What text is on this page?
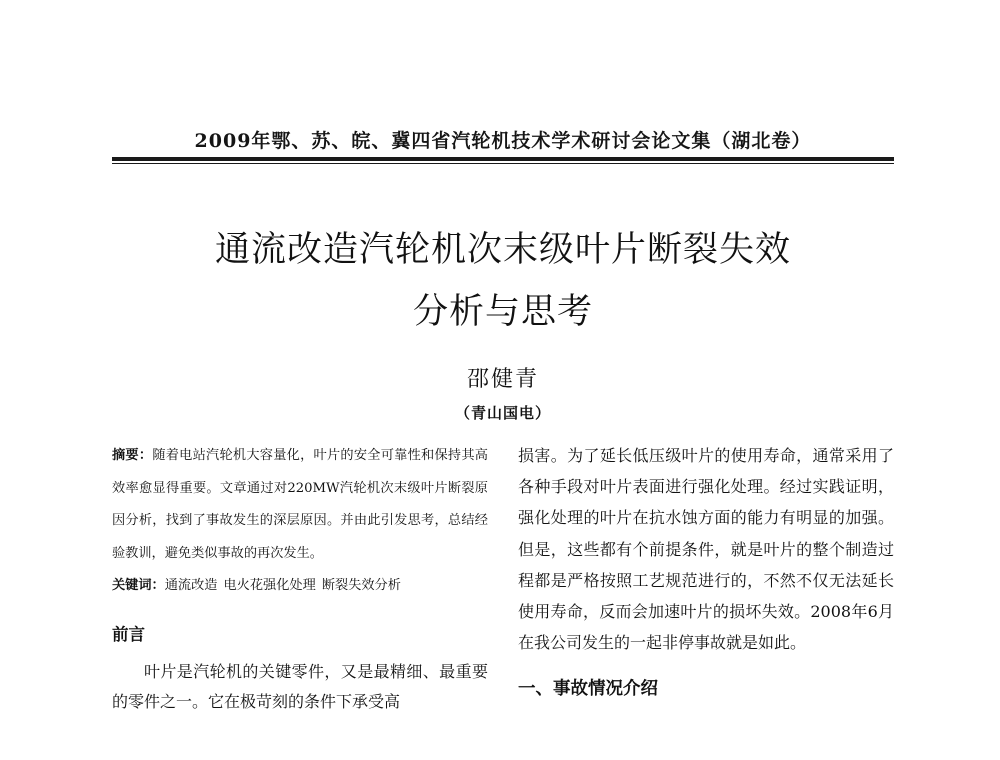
2009年鄂、苏、皖、冀四省汽轮机技术学术研讨会论文集（湖北卷）
通流改造汽轮机次末级叶片断裂失效
分析与思考
邵健青
（青山国电）
摘要：随着电站汽轮机大容量化，叶片的安全可靠性和保持其高效率愈显得重要。文章通过对220MW汽轮机次末级叶片断裂原因分析，找到了事故发生的深层原因。并由此引发思考，总结经验教训，避免类似事故的再次发生。
关键词：通流改造 电火花强化处理 断裂失效分析
前言
叶片是汽轮机的关键零件，又是最精细、最重要的零件之一。它在极苛刻的条件下承受高
损害。为了延长低压级叶片的使用寿命，通常采用了各种手段对叶片表面进行强化处理。经过实践证明，强化处理的叶片在抗水蚀方面的能力有明显的加强。但是，这些都有个前提条件，就是叶片的整个制造过程都是严格按照工艺规范进行的，不然不仅无法延长使用寿命，反而会加速叶片的损坏失效。2008年6月在我公司发生的一起非停事故就是如此。
一、事故情况介绍
